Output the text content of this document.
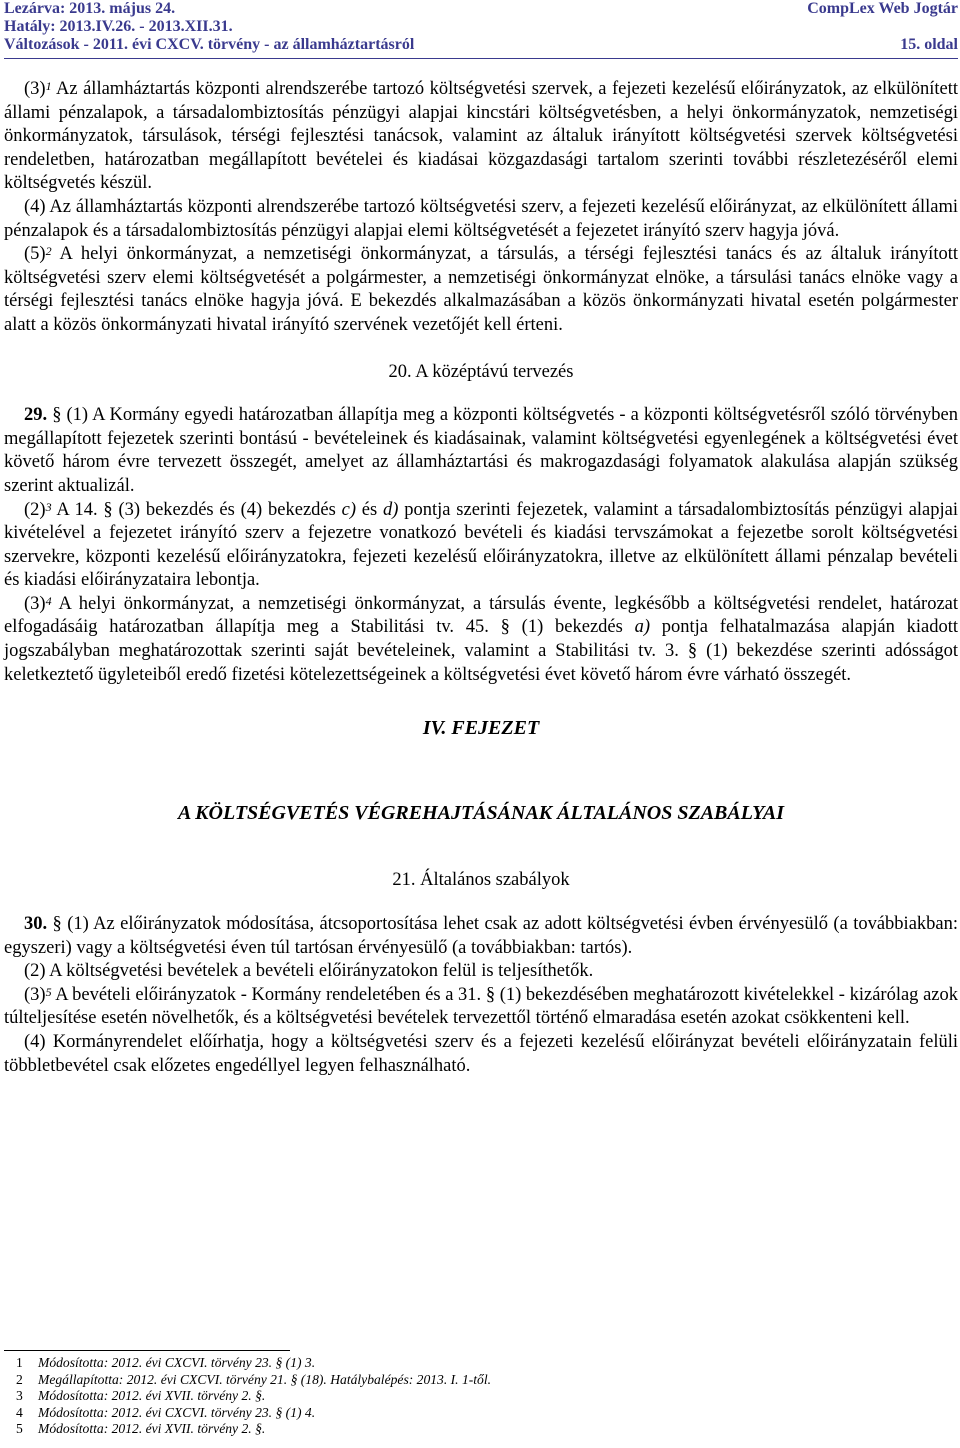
Lezárva: 2013. május 24.
Hatály: 2013.IV.26. - 2013.XII.31.
Változások - 2011. évi CXCV. törvény - az államháztartásról
CompLex Web Jogtár

15. oldal

(3)$^1$ Az államháztartás központi alrendszerébe tartozó költségvetési szervek, a fejezeti kezelésű előirányzatok, az elkülönített állami pénzalapok, a társadalombiztosítás pénzügyi alapjai kincstári költségvetésben, a helyi önkormányzatok, nemzetiségi önkormányzatok, társulások, térségi fejlesztési tanácsok, valamint az általuk irányított költségvetési szervek költségvetési rendeletben, határozatban megállapított bevételei és kiadásai közgazdasági tartalom szerinti további részletezéséről elemi költségvetés készül.

(4) Az államháztartás központi alrendszerébe tartozó költségvetési szerv, a fejezeti kezelésű előirányzat, az elkülönített állami pénzalapok és a társadalombiztosítás pénzügyi alapjai elemi költségvetését a fejezetet irányító szerv hagyja jóvá.

(5)$^2$ A helyi önkormányzat, a nemzetiségi önkormányzat, a társulás, a térségi fejlesztési tanács és az általuk irányított költségvetési szerv elemi költségvetését a polgármester, a nemzetiségi önkormányzat elnöke, a társulási tanács elnöke vagy a térségi fejlesztési tanács elnöke hagyja jóvá. E bekezdés alkalmazásában a közös önkormányzati hivatal esetén polgármester alatt a közös önkormányzati hivatal irányító szervének vezetőjét kell érteni.

20. A középtávú tervezés

29. § (1) A Kormány egyedi határozatban állapítja meg a központi költségvetés - a központi költségvetésről szóló törvényben megállapított fejezetek szerinti bontású - bevételeinek és kiadásainak, valamint költségvetési egyenlegének a költségvetési évet követő három évre tervezett összegét, amelyet az államháztartási és makrogazdasági folyamatok alakulása alapján szükség szerint aktualizál.

(2)$^3$ A 14. § (3) bekezdés és (4) bekezdés c) és d) pontja szerinti fejezetek, valamint a társadalombiztosítás pénzügyi alapjai kivételével a fejezetet irányító szerv a fejezetre vonatkozó bevételi és kiadási tervszámokat a fejezetbe sorolt költségvetési szervekre, központi kezelésű előirányzatokra, fejezeti kezelésű előirányzatokra, illetve az elkülönített állami pénzalap bevételi és kiadási előirányzataira lebontja.

(3)$^4$ A helyi önkormányzat, a nemzetiségi önkormányzat, a társulás évente, legkésőbb a költségvetési rendelet, határozat elfogadásáig határozatban állapítja meg a Stabilitási tv. 45. § (1) bekezdés a) pontja felhatalmazása alapján kiadott jogszabályban meghatározottak szerinti saját bevételeinek, valamint a Stabilitási tv. 3. § (1) bekezdése szerinti adósságot keletkeztető ügyleteiből eredő fizetési kötelezettségeinek a költségvetési évet követő három évre várható összegét.

IV. FEJEZET

A KÖLTSÉGVETÉS VÉGREHAJTÁSÁNAK ÁLTALÁNOS SZABÁLYAI

21. Általános szabályok

30. § (1) Az előirányzatok módosítása, átcsoportosítása lehet csak az adott költségvetési évben érvényesülő (a továbbiakban: egyszeri) vagy a költségvetési éven túl tartósan érvényesülő (a továbbiakban: tartós).

(2) A költségvetési bevételek a bevételi előirányzatokon felül is teljesíthetők.

(3)$^5$ A bevételi előirányzatok - Kormány rendeletében és a 31. § (1) bekezdésében meghatározott kivételekkel - kizárólag azok túlteljesítése esetén növelhetők, és a költségvetési bevételek tervezettől történő elmaradása esetén azokat csökkenteni kell.

(4) Kormányrendelet előírhatja, hogy a költségvetési szerv és a fejezeti kezelésű előirányzat bevételi előirányzatain felüli többletbevétel csak előzetes engedéllyel legyen felhasználható.

1 Módosította: 2012. évi CXCVI. törvény 23. § (1) 3.
2 Megállapította: 2012. évi CXCVI. törvény 21. § (18). Hatálybalépés: 2013. I. 1-től.
3 Módosította: 2012. évi XVII. törvény 2. §.
4 Módosította: 2012. évi CXCVI. törvény 23. § (1) 4.
5 Módosította: 2012. évi XVII. törvény 2. §.
